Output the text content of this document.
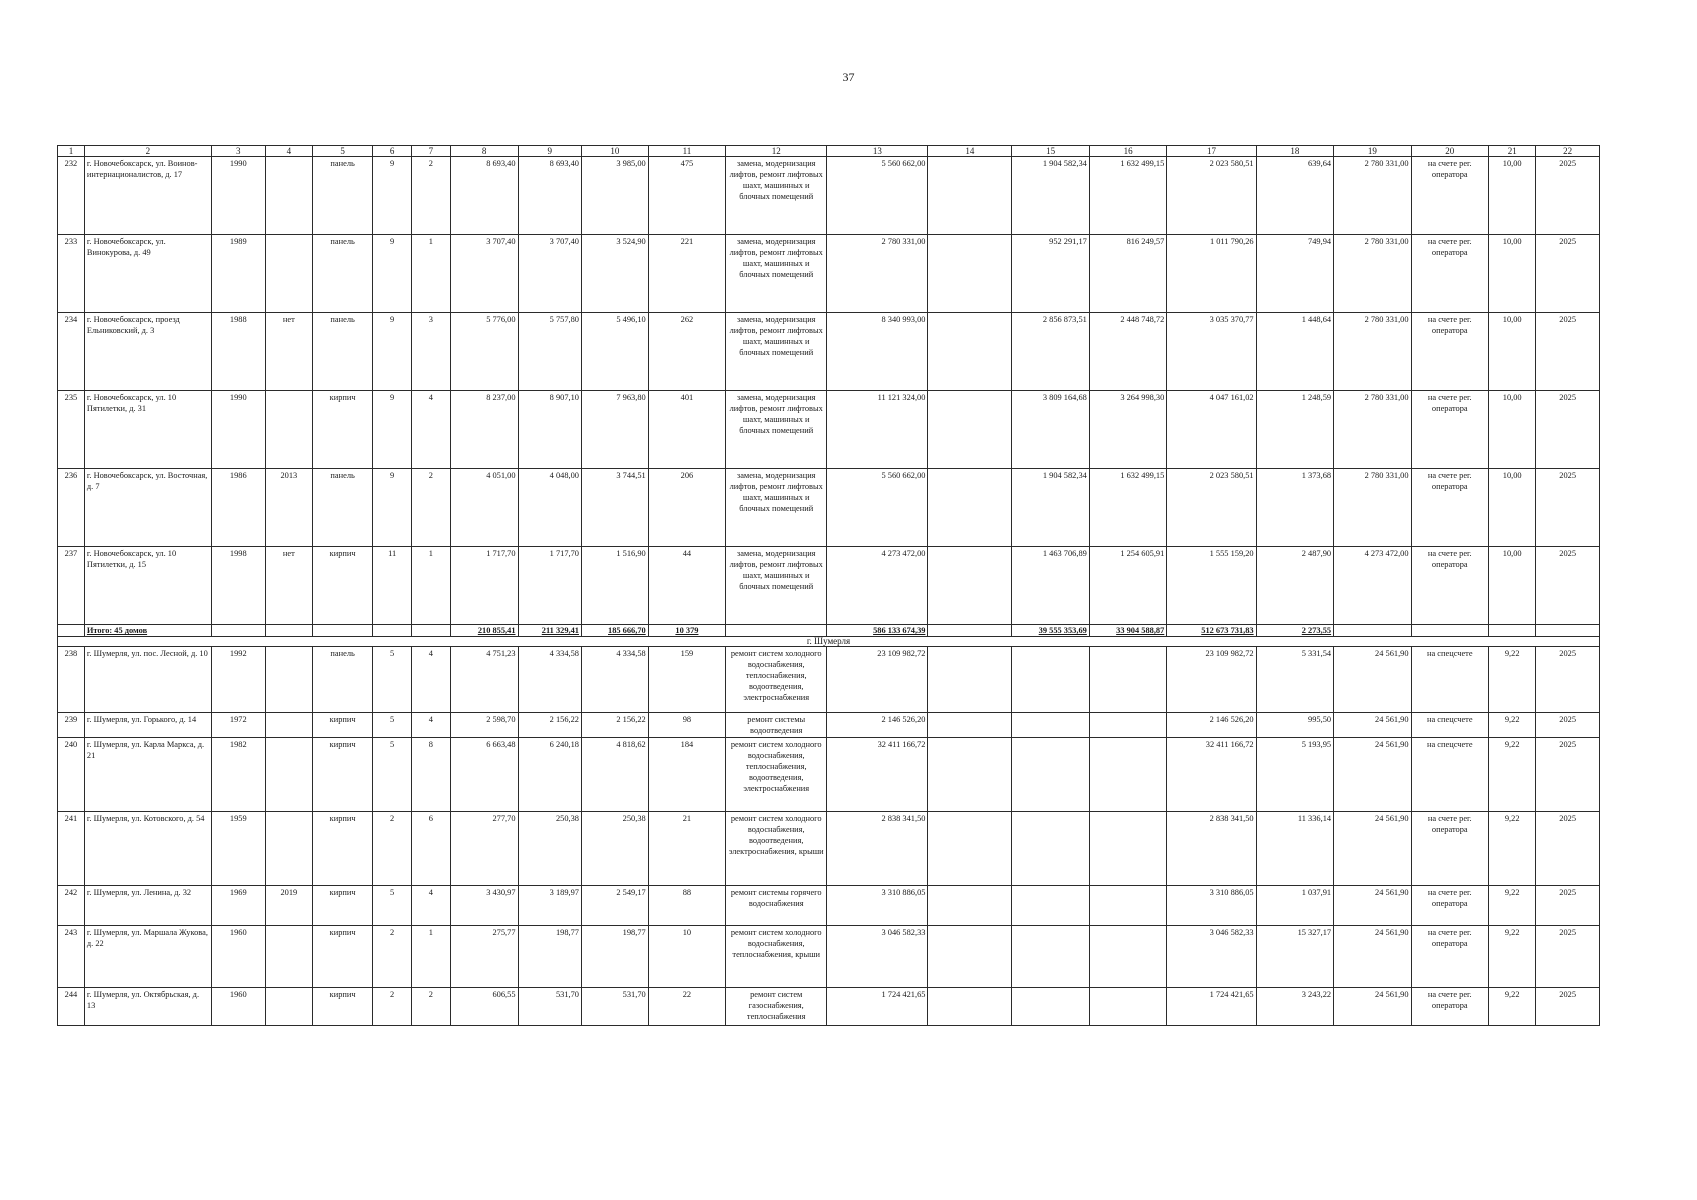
37
1	2	3	4	5	6	7	8	9	10	11	12	13	14	15	16	17	18	19	20	21	22
232	г. Новочебоксарск, ул. Воинов-интернационалистов, д. 17	1990		панель	9	2	8 693,40	8 693,40	3 985,00	475	замена, модернизация лифтов, ремонт лифтовых шахт, машинных и блочных помещений	5 560 662,00		1 904 582,34	1 632 499,15	2 023 580,51	639,64	2 780 331,00	на счете рег. оператора	10,00	2025
233	г. Новочебоксарск, ул. Винокурова, д. 49	1989		панель	9	1	3 707,40	3 707,40	3 524,90	221	замена, модернизация лифтов, ремонт лифтовых шахт, машинных и блочных помещений	2 780 331,00		952 291,17	816 249,57	1 011 790,26	749,94	2 780 331,00	на счете рег. оператора	10,00	2025
234	г. Новочебоксарск, проезд Ельниковский, д. 3	1988	нет	панель	9	3	5 776,00	5 757,80	5 496,10	262	замена, модернизация лифтов, ремонт лифтовых шахт, машинных и блочных помещений	8 340 993,00		2 856 873,51	2 448 748,72	3 035 370,77	1 448,64	2 780 331,00	на счете рег. оператора	10,00	2025
235	г. Новочебоксарск, ул. 10 Пятилетки, д. 31	1990		кирпич	9	4	8 237,00	8 907,10	7 963,80	401	замена, модернизация лифтов, ремонт лифтовых шахт, машинных и блочных помещений	11 121 324,00		3 809 164,68	3 264 998,30	4 047 161,02	1 248,59	2 780 331,00	на счете рег. оператора	10,00	2025
236	г. Новочебоксарск, ул. Восточная, д. 7	1986	2013	панель	9	2	4 051,00	4 048,00	3 744,51	206	замена, модернизация лифтов, ремонт лифтовых шахт, машинных и блочных помещений	5 560 662,00		1 904 582,34	1 632 499,15	2 023 580,51	1 373,68	2 780 331,00	на счете рег. оператора	10,00	2025
237	г. Новочебоксарск, ул. 10 Пятилетки, д. 15	1998	нет	кирпич	11	1	1 717,70	1 717,70	1 516,90	44	замена, модернизация лифтов, ремонт лифтовых шахт, машинных и блочных помещений	4 273 472,00		1 463 706,89	1 254 605,91	1 555 159,20	2 487,90	4 273 472,00	на счете рег. оператора	10,00	2025
	Итого: 45 домов						210 855,41	211 329,41	185 666,70	10 379		586 133 674,39		39 555 353,69	33 904 588,87	512 673 731,83	2 273,55				
г. Шумерля																					
238	г. Шумерля, ул. пос. Лесной, д. 10	1992		панель	5	4	4 751,23	4 334,58	4 334,58	159	ремонт систем холодного водоснабжения, теплоснабжения, водоотведения, электроснабжения	23 109 982,72				23 109 982,72	5 331,54	24 561,90	на спецсчете	9,22	2025
239	г. Шумерля, ул. Горького, д. 14	1972		кирпич	5	4	2 598,70	2 156,22	2 156,22	98	ремонт системы водоотведения	2 146 526,20				2 146 526,20	995,50	24 561,90	на спецсчете	9,22	2025
240	г. Шумерля, ул. Карла Маркса, д. 21	1982		кирпич	5	8	6 663,48	6 240,18	4 818,62	184	ремонт систем холодного водоснабжения, теплоснабжения, водоотведения, электроснабжения	32 411 166,72				32 411 166,72	5 193,95	24 561,90	на спецсчете	9,22	2025
241	г. Шумерля, ул. Котовского, д. 54	1959		кирпич	2	6	277,70	250,38	250,38	21	ремонт систем холодного водоснабжения, водоотведения, электроснабжения, крыши	2 838 341,50				2 838 341,50	11 336,14	24 561,90	на счете рег. оператора	9,22	2025
242	г. Шумерля, ул. Ленина, д. 32	1969	2019	кирпич	5	4	3 430,97	3 189,97	2 549,17	88	ремонт системы горячего водоснабжения	3 310 886,05				3 310 886,05	1 037,91	24 561,90	на счете рег. оператора	9,22	2025
243	г. Шумерля, ул. Маршала Жукова, д. 22	1960		кирпич	2	1	275,77	198,77	198,77	10	ремонт систем холодного водоснабжения, теплоснабжения, крыши	3 046 582,33				3 046 582,33	15 327,17	24 561,90	на счете рег. оператора	9,22	2025
244	г. Шумерля, ул. Октябрьская, д. 13	1960		кирпич	2	2	606,55	531,70	531,70	22	ремонт систем газоснабжения, теплоснабжения	1 724 421,65				1 724 421,65	3 243,22	24 561,90	на счете рег. оператора	9,22	2025
